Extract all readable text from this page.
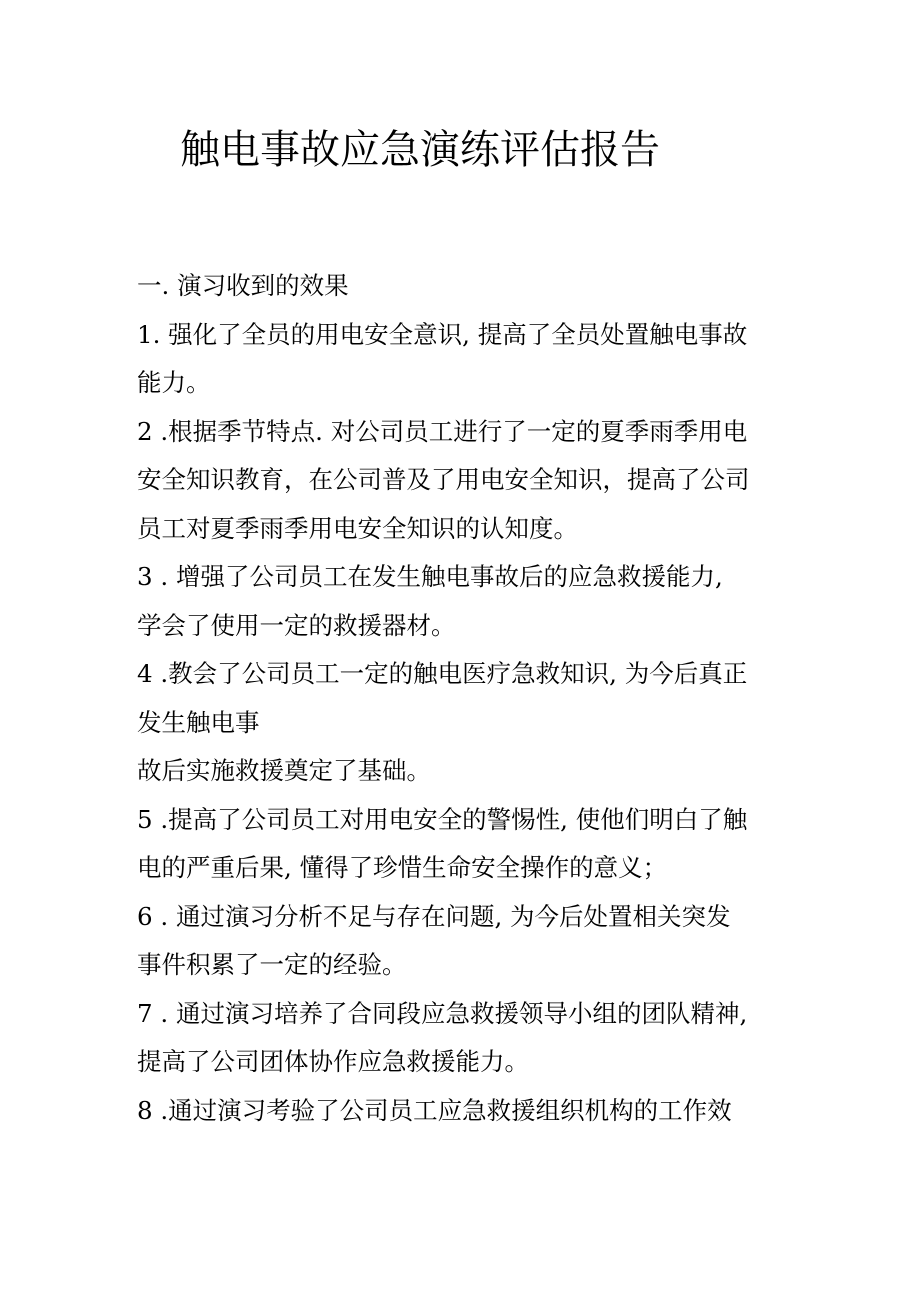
触电事故应急演练评估报告
一. 演习收到的效果
1. 强化了全员的用电安全意识, 提高了全员处置触电事故
能力。
2 .根据季节特点. 对公司员工进行了一定的夏季雨季用电
安全知识教育，在公司普及了用电安全知识，提高了公司
员工对夏季雨季用电安全知识的认知度。
3 . 增强了公司员工在发生触电事故后的应急救援能力,
学会了使用一定的救援器材。
4 .教会了公司员工一定的触电医疗急救知识, 为今后真正
发生触电事
故后实施救援奠定了基础。
5 .提高了公司员工对用电安全的警惕性, 使他们明白了触
电的严重后果, 懂得了珍惜生命安全操作的意义；
6 . 通过演习分析不足与存在问题, 为今后处置相关突发
事件积累了一定的经验。
7 . 通过演习培养了合同段应急救援领导小组的团队精神,
提高了公司团体协作应急救援能力。
8 .通过演习考验了公司员工应急救援组织机构的工作效
